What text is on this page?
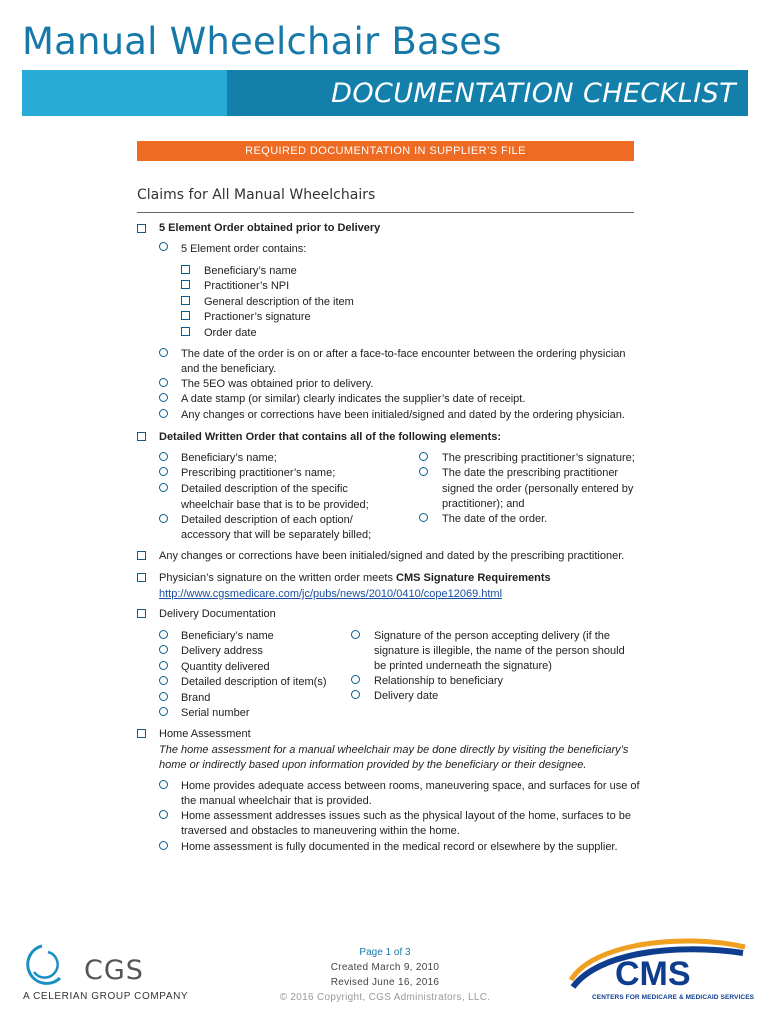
Manual Wheelchair Bases
DOCUMENTATION CHECKLIST
REQUIRED DOCUMENTATION IN SUPPLIER’S FILE
Claims for All Manual Wheelchairs
5 Element Order obtained prior to Delivery
5 Element order contains:
Beneficiary’s name
Practitioner’s NPI
General description of the item
Practioner’s signature
Order date
The date of the order is on or after a face-to-face encounter between the ordering physician
and the beneficiary.
The 5EO was obtained prior to delivery.
A date stamp (or similar) clearly indicates the supplier’s date of receipt.
Any changes or corrections have been initialed/signed and dated by the ordering physician.
Detailed Written Order that contains all of the following elements:
Beneficiary’s name;
Prescribing practitioner’s name;
Detailed description of the specific
wheelchair base that is to be provided;
Detailed description of each option/
accessory that will be separately billed;
The prescribing practitioner’s signature;
The date the prescribing practitioner
signed the order (personally entered by
practitioner); and
The date of the order.
Any changes or corrections have been initialed/signed and dated by the prescribing practitioner.
Physician’s signature on the written order meets CMS Signature Requirements
http://www.cgsmedicare.com/jc/pubs/news/2010/0410/cope12069.html
Delivery Documentation
Beneficiary’s name
Delivery address
Quantity delivered
Detailed description of item(s)
Brand
Serial number
Signature of the person accepting delivery (if the
signature is illegible, the name of the person should
be printed underneath the signature)
Relationship to beneficiary
Delivery date
Home Assessment
The home assessment for a manual wheelchair may be done directly by visiting the beneficiary’s
home or indirectly based upon information provided by the beneficiary or their designee.
Home provides adequate access between rooms, maneuvering space, and surfaces for use of
the manual wheelchair that is provided.
Home assessment addresses issues such as the physical layout of the home, surfaces to be
traversed and obstacles to maneuvering within the home.
Home assessment is fully documented in the medical record or elsewhere by the supplier.
Page 1 of 3
Created March 9, 2010
Revised June 16, 2016
© 2016 Copyright, CGS Administrators, LLC.
CGS
A CELERIAN GROUP COMPANY
CMS
CENTERS FOR MEDICARE & MEDICAID SERVICES
